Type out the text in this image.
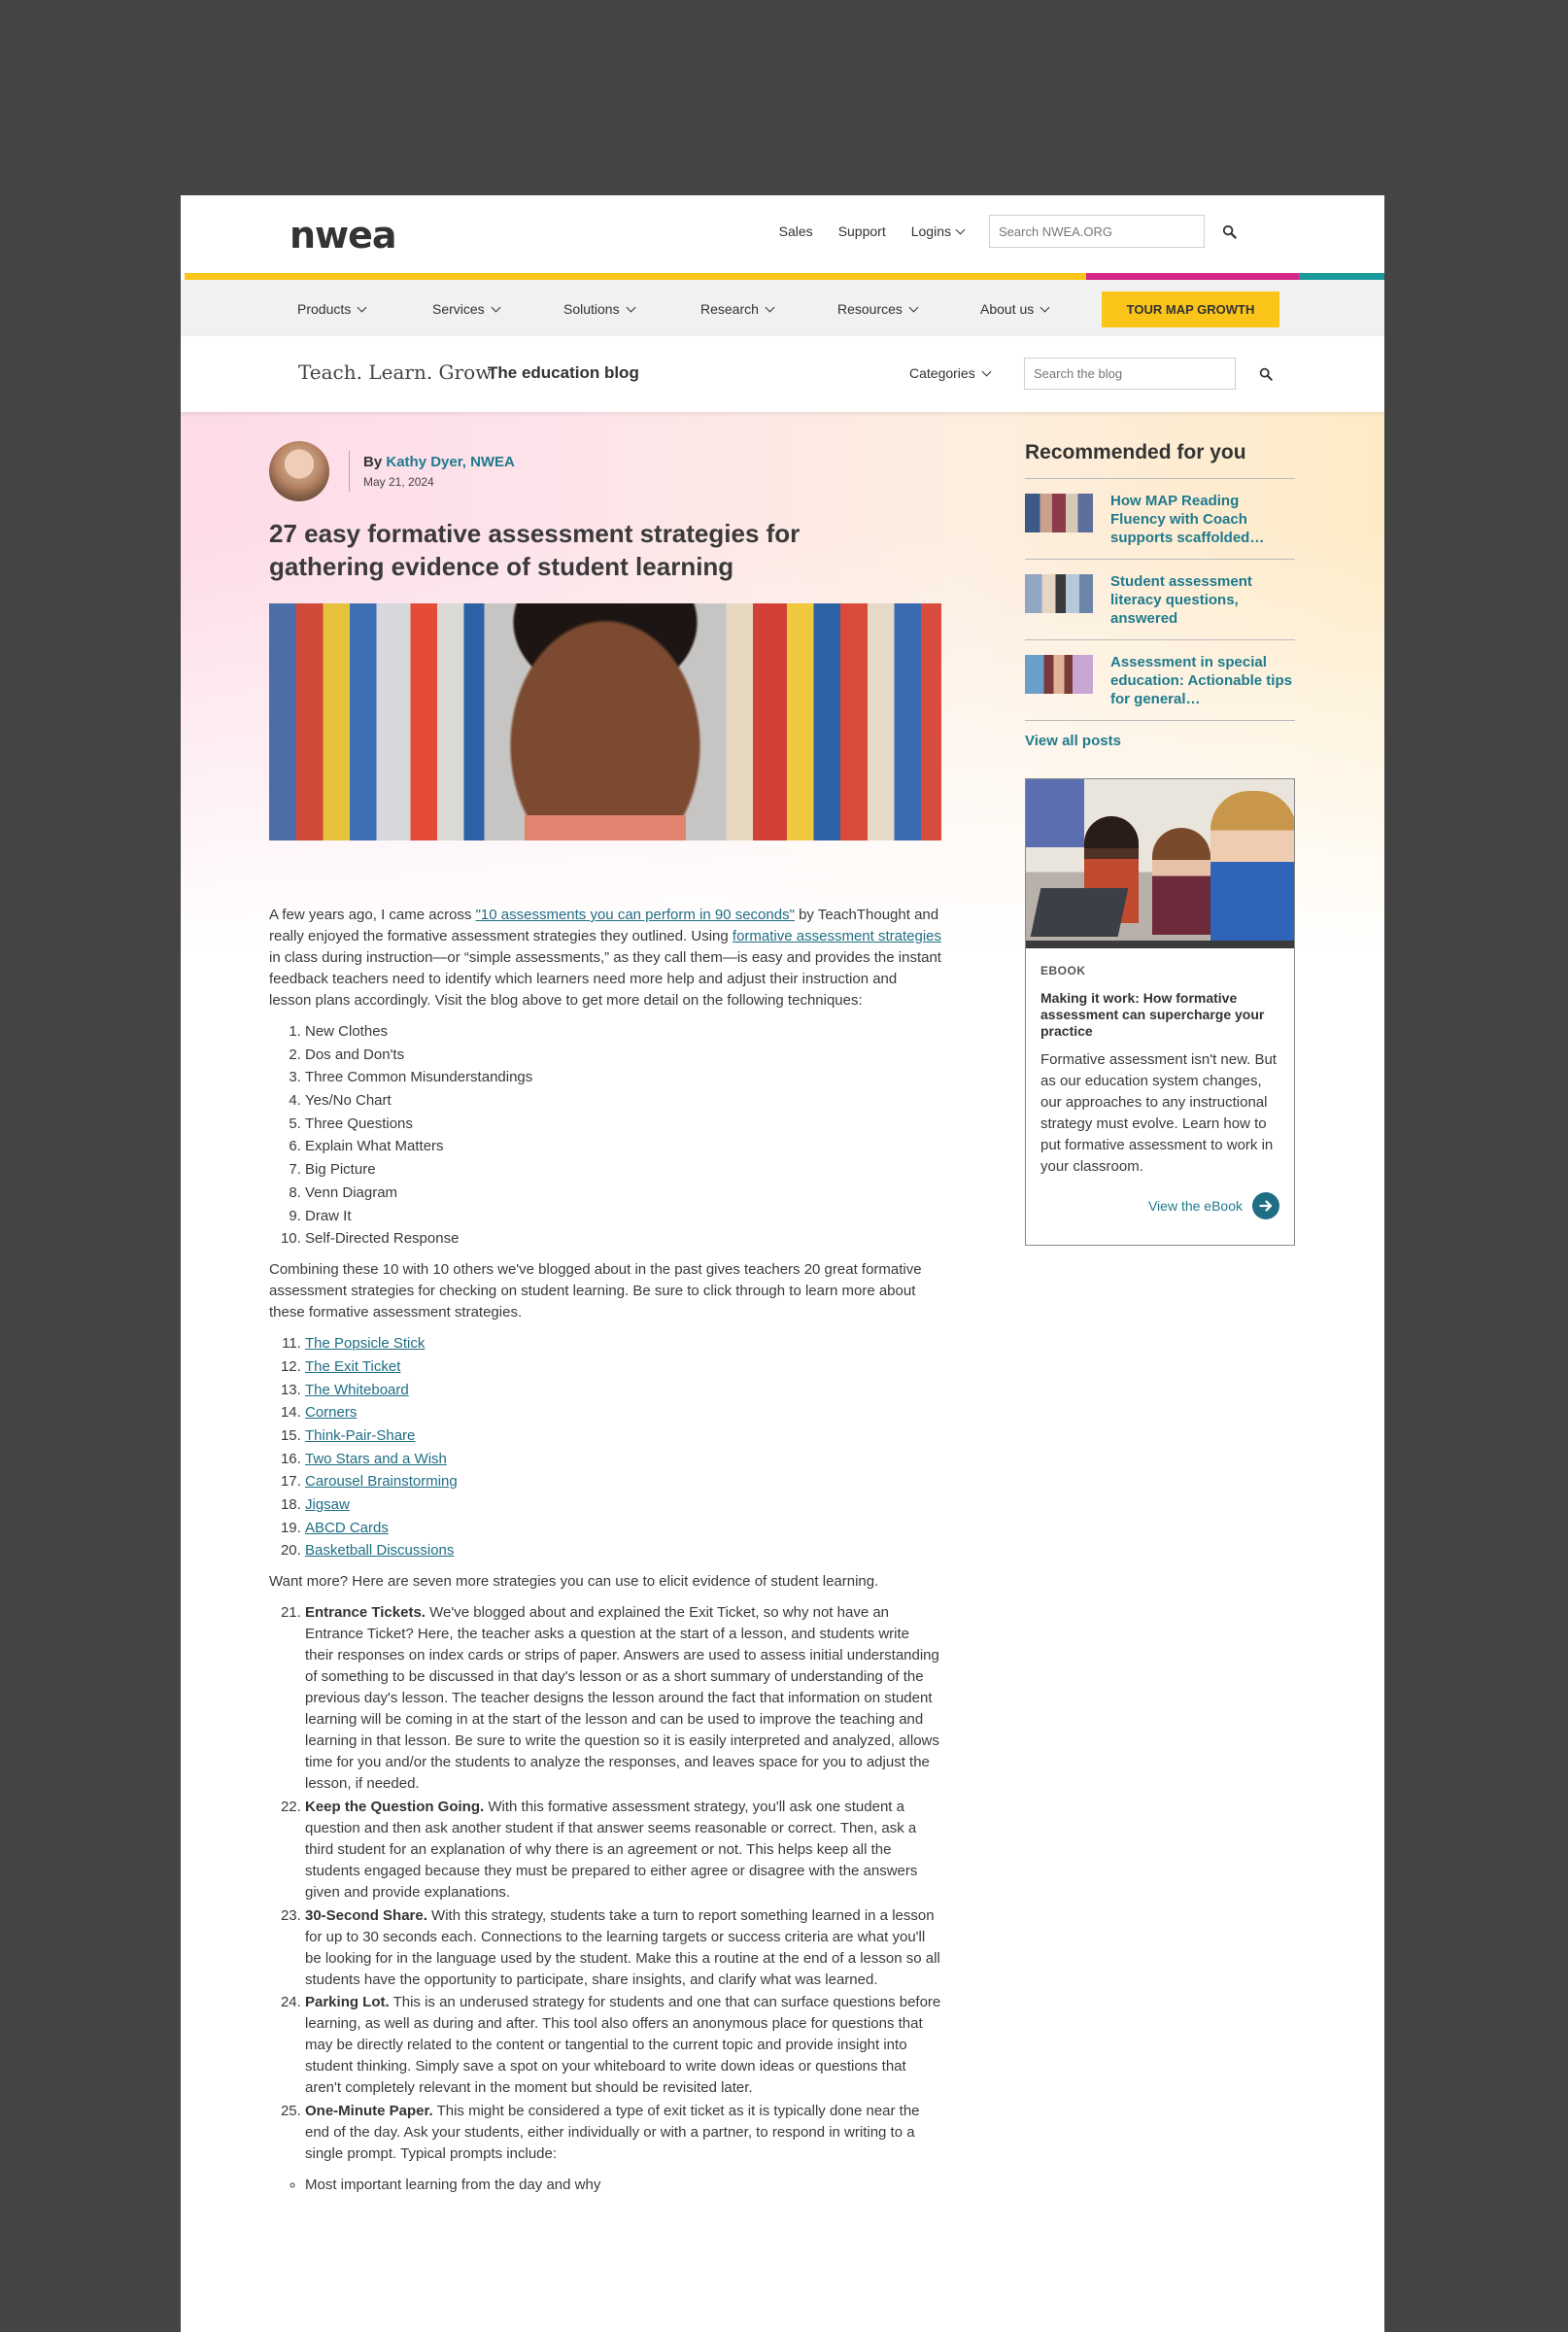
nwea	Sales Support Logins
Search NWEA.ORG
Products	Services	Solutions	Research	Resources	About us	TOUR MAP GROWTH
Teach. Learn. Grow.
The education blog	Categories
Search the blog
By Kathy Dyer, NWEA
May 21, 2024
27 easy formative assessment strategies for gathering evidence of student learning

A few years ago, I came across "10 assessments you can perform in 90 seconds" by TeachThought and really enjoyed the formative assessment strategies they outlined. Using formative assessment strategies in class during instruction—or “simple assessments,” as they call them—is easy and provides the instant feedback teachers need to identify which learners need more help and adjust their instruction and lesson plans accordingly. Visit the blog above to get more detail on the following techniques:

1. New Clothes
2. Dos and Don'ts
3. Three Common Misunderstandings
4. Yes/No Chart
5. Three Questions
6. Explain What Matters
7. Big Picture
8. Venn Diagram
9. Draw It
10. Self-Directed Response

Combining these 10 with 10 others we've blogged about in the past gives teachers 20 great formative assessment strategies for checking on student learning. Be sure to click through to learn more about these formative assessment strategies.

11. The Popsicle Stick
12. The Exit Ticket
13. The Whiteboard
14. Corners
15. Think-Pair-Share
16. Two Stars and a Wish
17. Carousel Brainstorming
18. Jigsaw
19. ABCD Cards
20. Basketball Discussions

Want more? Here are seven more strategies you can use to elicit evidence of student learning.

21. Entrance Tickets. We've blogged about and explained the Exit Ticket, so why not have an Entrance Ticket? Here, the teacher asks a question at the start of a lesson, and students write their responses on index cards or strips of paper. Answers are used to assess initial understanding of something to be discussed in that day's lesson or as a short summary of understanding of the previous day's lesson. The teacher designs the lesson around the fact that information on student learning will be coming in at the start of the lesson and can be used to improve the teaching and learning in that lesson. Be sure to write the question so it is easily interpreted and analyzed, allows time for you and/or the students to analyze the responses, and leaves space for you to adjust the lesson, if needed.
22. Keep the Question Going. With this formative assessment strategy, you'll ask one student a question and then ask another student if that answer seems reasonable or correct. Then, ask a third student for an explanation of why there is an agreement or not. This helps keep all the students engaged because they must be prepared to either agree or disagree with the answers given and provide explanations.
23. 30-Second Share. With this strategy, students take a turn to report something learned in a lesson for up to 30 seconds each. Connections to the learning targets or success criteria are what you'll be looking for in the language used by the student. Make this a routine at the end of a lesson so all students have the opportunity to participate, share insights, and clarify what was learned.
24. Parking Lot. This is an underused strategy for students and one that can surface questions before learning, as well as during and after. This tool also offers an anonymous place for questions that may be directly related to the content or tangential to the current topic and provide insight into student thinking. Simply save a spot on your whiteboard to write down ideas or questions that aren't completely relevant in the moment but should be revisited later.
25. One-Minute Paper. This might be considered a type of exit ticket as it is typically done near the end of the day. Ask your students, either individually or with a partner, to respond in writing to a single prompt. Typical prompts include:
◦ Most important learning from the day and why
Recommended for you
How MAP Reading Fluency with Coach supports scaffolded…
Student assessment literacy questions, answered
Assessment in special education: Actionable tips for general…
View all posts
EBOOK
Making it work: How formative assessment can supercharge your practice
Formative assessment isn't new. But as our education system changes, our approaches to any instructional strategy must evolve. Learn how to put formative assessment to work in your classroom.
View the eBook
